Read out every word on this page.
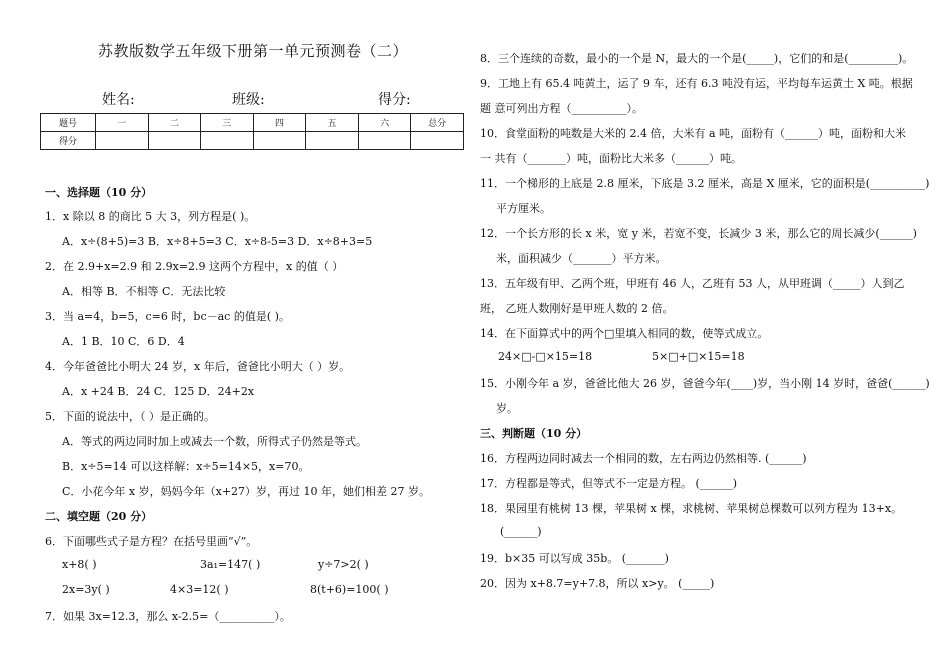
苏教版数学五年级下册第一单元预测卷（二）
姓名:	班级:	得分:
题号	一	二	三	四	五	六	总分
得分							
一、选择题（10 分）
1．x 除以 8 的商比 5 大 3，列方程是( )。
A．x÷(8+5)=3 B．x÷8+5=3 C．x÷8-5=3 D．x÷8+3=5
2．在 2.9+x=2.9 和 2.9x=2.9 这两个方程中，x 的值（ ）
A．相等 B．不相等 C．无法比较
3．当 a=4，b=5，c=6 时，bc－ac 的值是( )。
A．1 B．10 C．6 D．4
4．今年爸爸比小明大 24 岁，x 年后，爸爸比小明大（ ）岁。
A．x +24 B．24 C．125 D．24+2x
5．下面的说法中，（ ）是正确的。
A．等式的两边同时加上或减去一个数，所得式子仍然是等式。
B．x÷5=14 可以这样解：x÷5=14×5，x=70。
C．小花今年 x 岁，妈妈今年（x+27）岁，再过 10 年，她们相差 27 岁。
二、填空题（20 分）
6．下面哪些式子是方程？在括号里画“√”。
x+8( )	3a₁=147( )	y÷7>2( )
2x=3y( )	4×3=12( )	8(t+6)=100( )
7．如果 3x=12.3，那么 x-2.5=（__________）。
8．三个连续的奇数，最小的一个是 N，最大的一个是(_____)，它们的和是(_________)。
9．工地上有 65.4 吨黄土，运了 9 车，还有 6.3 吨没有运，平均每车运黄土 X 吨。根据
题 意可列出方程（__________）。
10．食堂面粉的吨数是大米的 2.4 倍，大米有 a 吨，面粉有（______）吨，面粉和大米
一 共有（_______）吨，面粉比大米多（______）吨。
11．一个梯形的上底是 2.8 厘米，下底是 3.2 厘米，高是 X 厘米，它的面积是(__________)
平方厘米。
12．一个长方形的长 x 米，宽 y 米，若宽不变，长减少 3 米，那么它的周长减少(______)
米，面积减少（_______）平方米。
13．五年级有甲、乙两个班，甲班有 46 人，乙班有 53 人，从甲班调（_____）人到乙
班， 乙班人数刚好是甲班人数的 2 倍。
14．在下面算式中的两个□里填入相同的数，使等式成立。
24×□-□×15=18	5×□+□×15=18
15．小刚今年 a 岁，爸爸比他大 26 岁，爸爸今年(____)岁，当小刚 14 岁时，爸爸(______)
岁。
三、判断题（10 分）
16．方程两边同时减去一个相同的数，左右两边仍然相等. (______)
17．方程都是等式，但等式不一定是方程。 (______)
18．果园里有桃树 13 棵，苹果树 x 棵，求桃树、苹果树总棵数可以列方程为 13+x。
(______)
19．b×35 可以写成 35b。 (_______)
20．因为 x+8.7=y+7.8，所以 x>y。 (_____)
